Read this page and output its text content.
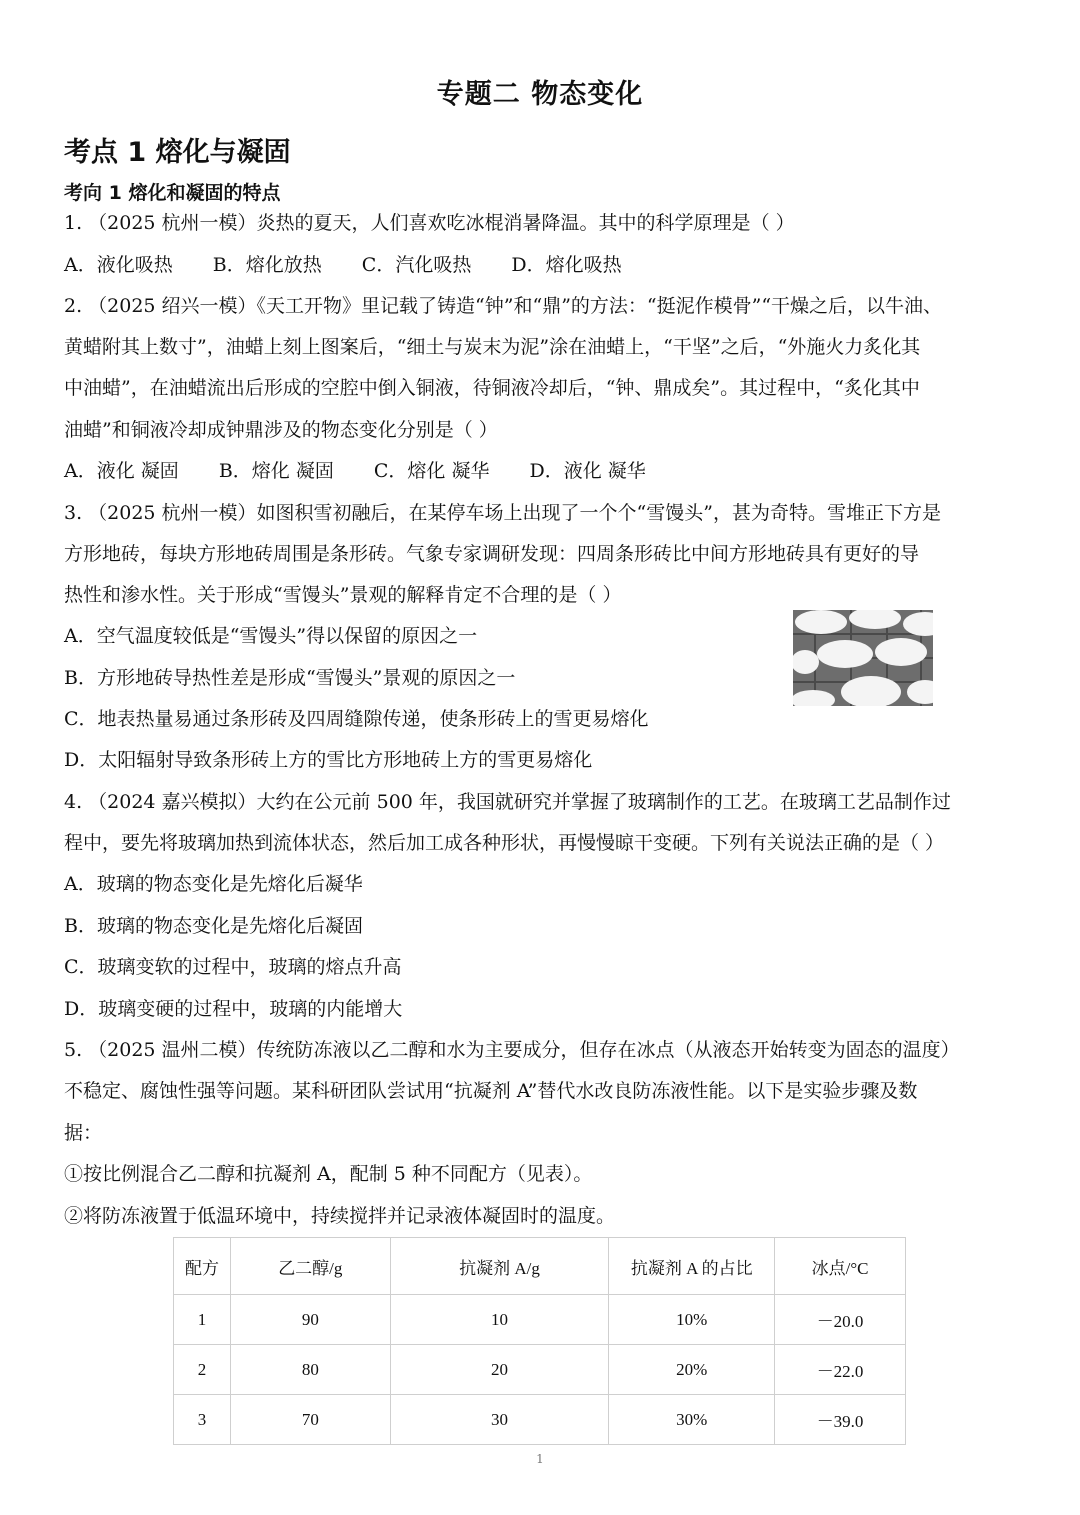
专题二 物态变化
考点 1 熔化与凝固
考向 1 熔化和凝固的特点
1. （2025 杭州一模）炎热的夏天，人们喜欢吃冰棍消暑降温。其中的科学原理是（ ）
A．液化吸热 B．熔化放热 C．汽化吸热 D．熔化吸热
2. （2025 绍兴一模）《天工开物》里记载了铸造“钟”和“鼎”的方法：“挺泥作模骨”“干燥之后，以牛油、
黄蜡附其上数寸”，油蜡上刻上图案后，“细土与炭末为泥”涂在油蜡上，“干坚”之后，“外施火力炙化其
中油蜡”，在油蜡流出后形成的空腔中倒入铜液，待铜液冷却后，“钟、鼎成矣”。其过程中，“炙化其中
油蜡”和铜液冷却成钟鼎涉及的物态变化分别是（ ）
A．液化 凝固 B．熔化 凝固 C．熔化 凝华 D．液化 凝华
3. （2025 杭州一模）如图积雪初融后，在某停车场上出现了一个个“雪馒头”，甚为奇特。雪堆正下方是
方形地砖，每块方形地砖周围是条形砖。气象专家调研发现：四周条形砖比中间方形地砖具有更好的导
热性和渗水性。关于形成“雪馒头”景观的解释肯定不合理的是（ ）
A．空气温度较低是“雪馒头”得以保留的原因之一
B．方形地砖导热性差是形成“雪馒头”景观的原因之一
C．地表热量易通过条形砖及四周缝隙传递，使条形砖上的雪更易熔化
D．太阳辐射导致条形砖上方的雪比方形地砖上方的雪更易熔化
4. （2024 嘉兴模拟）大约在公元前 500 年，我国就研究并掌握了玻璃制作的工艺。在玻璃工艺品制作过
程中，要先将玻璃加热到流体状态，然后加工成各种形状，再慢慢晾干变硬。下列有关说法正确的是（ ）
A．玻璃的物态变化是先熔化后凝华
B．玻璃的物态变化是先熔化后凝固
C．玻璃变软的过程中，玻璃的熔点升高
D．玻璃变硬的过程中，玻璃的内能增大
5. （2025 温州二模）传统防冻液以乙二醇和水为主要成分，但存在冰点（从液态开始转变为固态的温度）
不稳定、腐蚀性强等问题。某科研团队尝试用“抗凝剂 A”替代水改良防冻液性能。以下是实验步骤及数
据：
①按比例混合乙二醇和抗凝剂 A，配制 5 种不同配方（见表）。
②将防冻液置于低温环境中，持续搅拌并记录液体凝固时的温度。
配方	乙二醇/g	抗凝剂 A/g	抗凝剂 A 的占比	冰点/°C
1	90	10	10%	－20.0
2	80	20	20%	－22.0
3	70	30	30%	－39.0
1
